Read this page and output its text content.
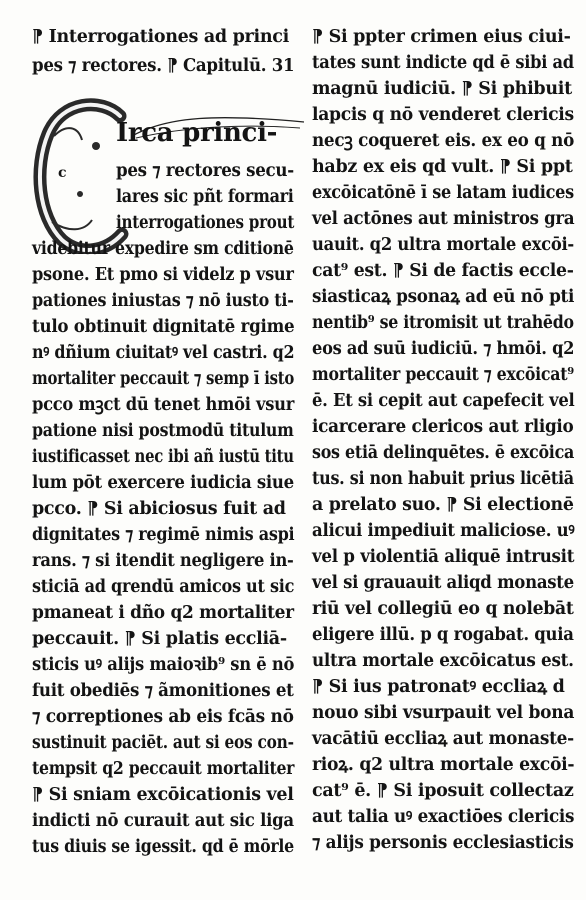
⁋ Interrogationes ad princi
pes ⁊ rectores. ⁋ Capitulū. 31
c
Irca princi-
pes ⁊ rectores secu-
lares sic pñt formari
interrogationes prout
videbitur expedire sm cditionē
psone. Et pmo si videlz p vsur
pationes iniustas ⁊ nō iusto ti-
tulo obtinuit dignitatē rgime
nꝰ dñium ciuitatꝰ vel castri. q2
mortaliter peccauit ⁊ semp ī isto
pcco mꝫct dū tenet hmōi vsur
patione nisi postmodū titulum
iustificasset nec ibi añ iustū titu
lum pōt exercere iudicia siue
pcco. ⁋ Si abiciosus fuit ad
dignitates ⁊ regimē nimis aspi
rans. ⁊ si itendit negligere in-
sticiā ad qrendū amicos ut sic
pmaneat i dño q2 mortaliter
peccauit. ⁋ Si platis eccliā-
sticis uꝰ alijs maioꝛib⁹ sn ē nō
fuit obediēs ⁊ ãmonitiones et
⁊ correptiones ab eis fcās nō
sustinuit paciēt. aut si eos con-
tempsit q2 peccauit mortaliter
⁋ Si sniam excōicationis vel
indicti nō curauit aut sic liga
tus diuis se igessit. qd ē mōrle
⁋ Si ppter crimen eius ciui-
tates sunt indicte qd ē sibi ad
magnū iudiciū. ⁋ Si phibuit
lapcis q nō venderet clericis
necꝫ coqueret eis. ex eo q nō
habz ex eis qd vult. ⁋ Si ppt
excōicatōnē ī se latam iudices
vel actōnes aut ministros gra
uauit. q2 ultra mortale excōi-
cat⁹ est. ⁋ Si de factis eccle-
siasticaꝝ psonaꝝ ad eū nō pti
nentib⁹ se itromisit ut trahēdo
eos ad suū iudiciū. ⁊ hmōi. q2
mortaliter peccauit ⁊ excōicat⁹
ē. Et si cepit aut capefecit vel
icarcerare clericos aut rligio
sos etiā delinquētes. ē excōica
tus. si non habuit prius licētiā
a prelato suo. ⁋ Si electionē
alicui impediuit maliciose. uꝰ
vel p violentiā aliquē intrusit
vel si grauauit aliqd monaste
riū vel collegiū eo q nolebāt
eligere illū. p q rogabat. quia
ultra mortale excōicatus est.
⁋ Si ius patronatꝰ eccliaꝝ d
nouo sibi vsurpauit vel bona
vacātiū eccliaꝝ aut monaste-
rioꝝ. q2 ultra mortale excōi-
cat⁹ ē. ⁋ Si iposuit collectaz
aut talia uꝰ exactiōes clericis
⁊ alijs personis ecclesiasticis
